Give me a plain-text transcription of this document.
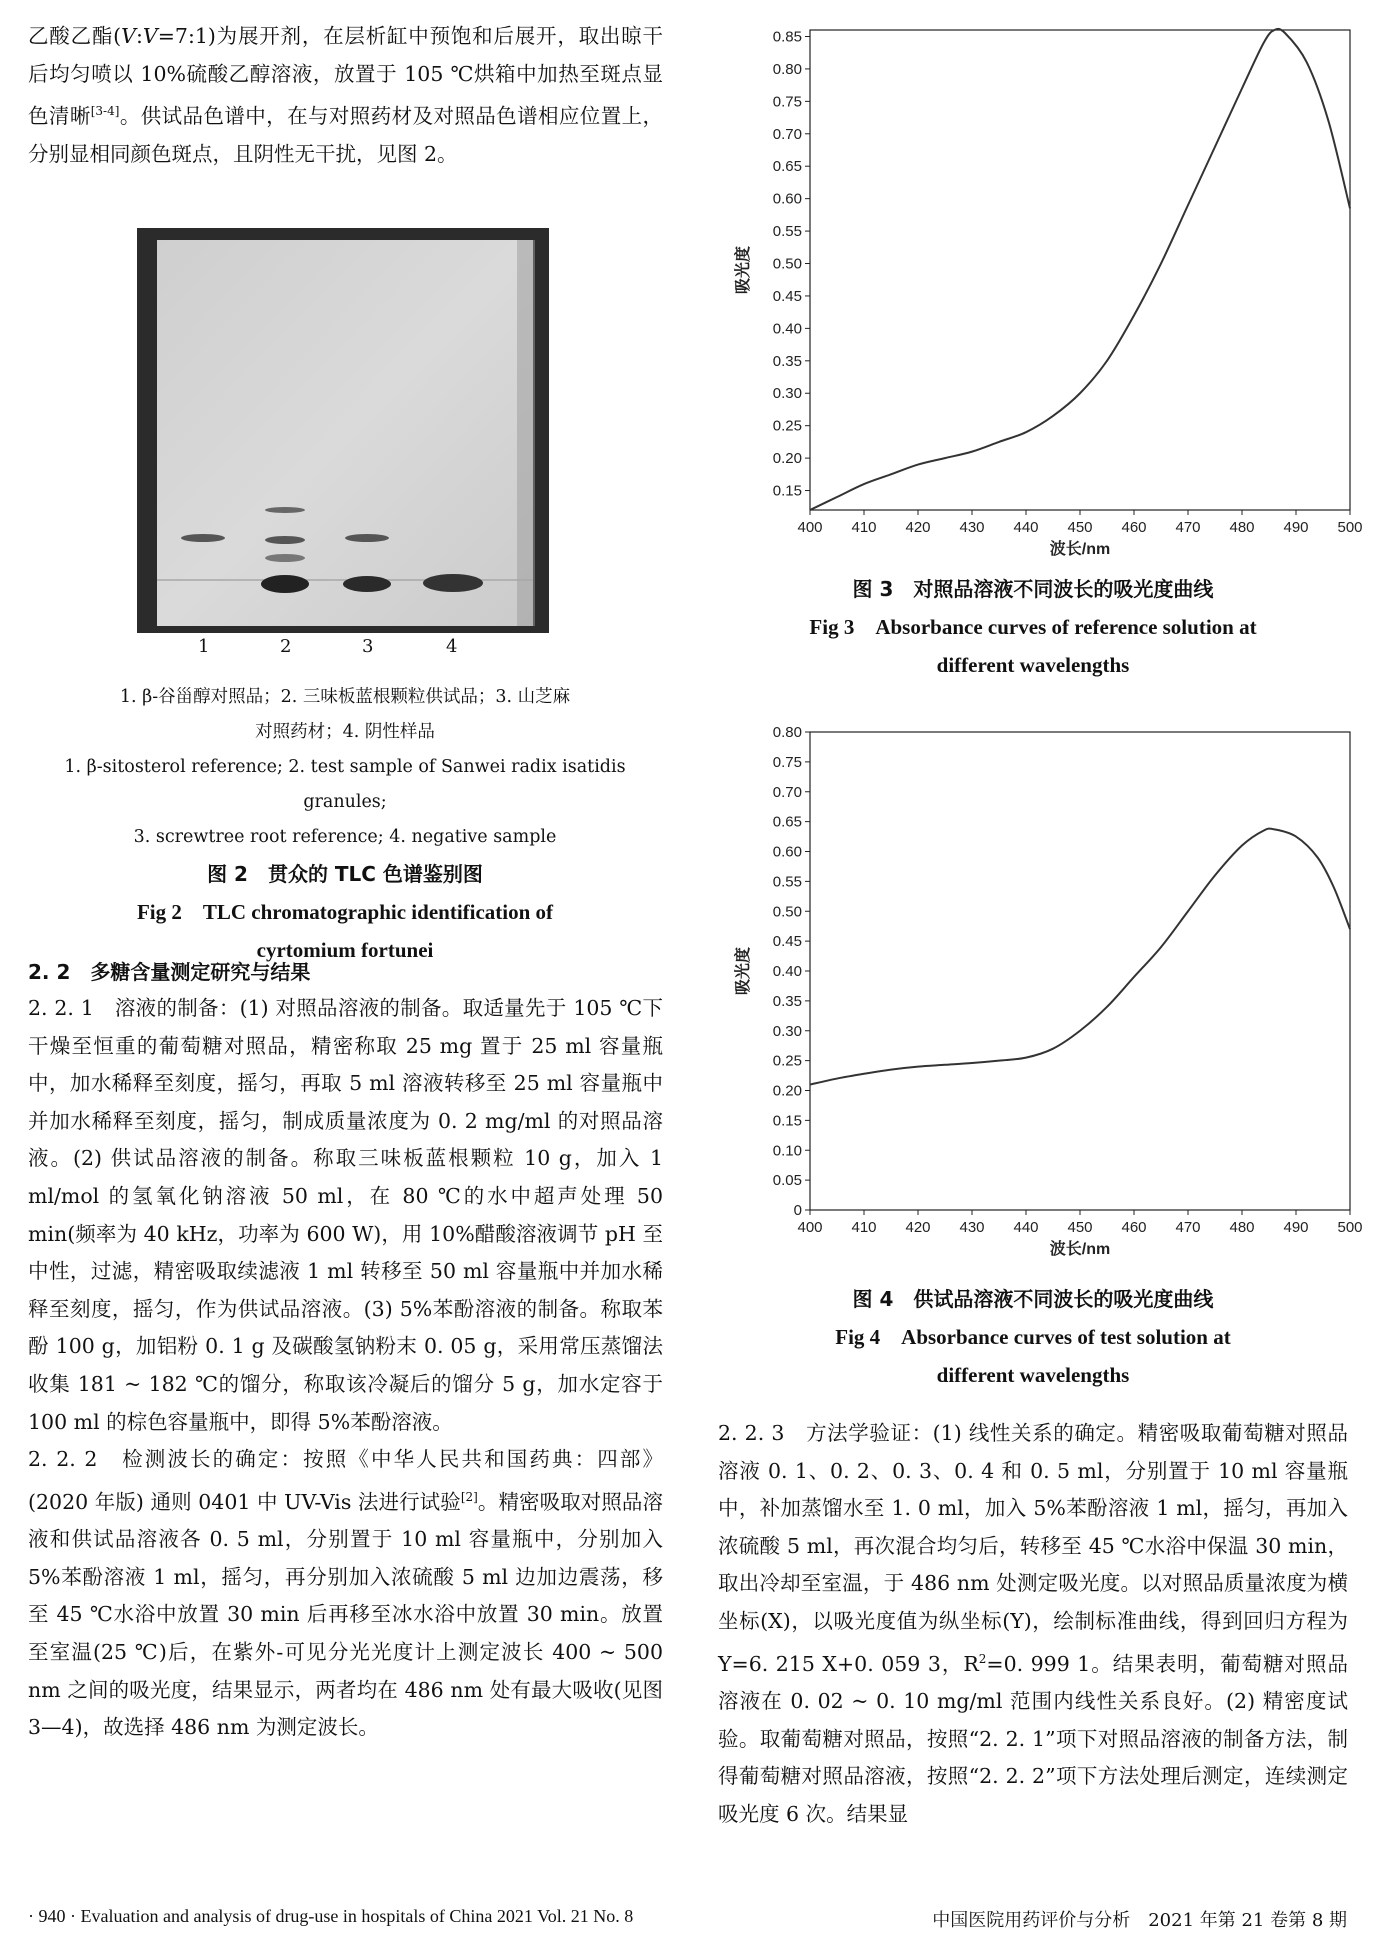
乙酸乙酯(V:V=7:1)为展开剂，在层析缸中预饱和后展开，取出晾干后均匀喷以 10%硫酸乙醇溶液，放置于 105 ℃烘箱中加热至斑点显色清晰[3-4]。供试品色谱中，在与对照药材及对照品色谱相应位置上，分别显相同颜色斑点，且阴性无干扰，见图 2。

1	2	3	4

1. β-谷甾醇对照品；2. 三味板蓝根颗粒供试品；3. 山芝麻

对照药材；4. 阴性样品

1. β-sitosterol reference; 2. test sample of Sanwei radix isatidis granules;

3. screwtree root reference; 4. negative sample

图 2　贯众的 TLC 色谱鉴别图

Fig 2　TLC chromatographic identification of

cyrtomium fortunei

2. 2　多糖含量测定研究与结果

2. 2. 1　溶液的制备：(1) 对照品溶液的制备。取适量先于 105 ℃下干燥至恒重的葡萄糖对照品，精密称取 25 mg 置于 25 ml 容量瓶中，加水稀释至刻度，摇匀，再取 5 ml 溶液转移至 25 ml 容量瓶中并加水稀释至刻度，摇匀，制成质量浓度为 0. 2 mg/ml 的对照品溶液。(2) 供试品溶液的制备。称取三味板蓝根颗粒 10 g，加入 1 ml/mol 的氢氧化钠溶液 50 ml，在 80 ℃的水中超声处理 50 min(频率为 40 kHz，功率为 600 W)，用 10%醋酸溶液调节 pH 至中性，过滤，精密吸取续滤液 1 ml 转移至 50 ml 容量瓶中并加水稀释至刻度，摇匀，作为供试品溶液。(3) 5%苯酚溶液的制备。称取苯酚 100 g，加铝粉 0. 1 g 及碳酸氢钠粉末 0. 05 g，采用常压蒸馏法收集 181 ~ 182 ℃的馏分，称取该冷凝后的馏分 5 g，加水定容于 100 ml 的棕色容量瓶中，即得 5%苯酚溶液。

2. 2. 2　检测波长的确定：按照《中华人民共和国药典：四部》(2020 年版) 通则 0401 中 UV-Vis 法进行试验[2]。精密吸取对照品溶液和供试品溶液各 0. 5 ml，分别置于 10 ml 容量瓶中，分别加入 5%苯酚溶液 1 ml，摇匀，再分别加入浓硫酸 5 ml 边加边震荡，移至 45 ℃水浴中放置 30 min 后再移至冰水浴中放置 30 min。放置至室温(25 ℃)后，在紫外-可见分光光度计上测定波长 400 ~ 500 nm 之间的吸光度，结果显示，两者均在 486 nm 处有最大吸收(见图 3—4)，故选择 486 nm 为测定波长。

0.15
0.20
0.25
0.30
0.35
0.40
0.45
0.50
0.55
0.60
0.65
0.70
0.75
0.80
0.85
400 410 420 430 440 450 460 470 480 490 500
波长/nm
吸光度

图 3　对照品溶液不同波长的吸光度曲线

Fig 3　Absorbance curves of reference solution at

different wavelengths

0
0.05
0.10
0.15
0.20
0.25
0.30
0.35
0.40
0.45
0.50
0.55
0.60
0.65
0.70
0.75
0.80
400 410 420 430 440 450 460 470 480 490 500
波长/nm
吸光度

图 4　供试品溶液不同波长的吸光度曲线

Fig 4　Absorbance curves of test solution at

different wavelengths

2. 2. 3　方法学验证：(1) 线性关系的确定。精密吸取葡萄糖对照品溶液 0. 1、0. 2、0. 3、0. 4 和 0. 5 ml，分别置于 10 ml 容量瓶中，补加蒸馏水至 1. 0 ml，加入 5%苯酚溶液 1 ml，摇匀，再加入浓硫酸 5 ml，再次混合均匀后，转移至 45 ℃水浴中保温 30 min，取出冷却至室温，于 486 nm 处测定吸光度。以对照品质量浓度为横坐标(X)，以吸光度值为纵坐标(Y)，绘制标准曲线，得到回归方程为 Y=6. 215 X+0. 059 3，$R^2=0$. 999 1。结果表明，葡萄糖对照品溶液在 0. 02 ~ 0. 10 mg/ml 范围内线性关系良好。(2) 精密度试验。取葡萄糖对照品，按照“2. 2. 1”项下对照品溶液的制备方法，制得葡萄糖对照品溶液，按照“2. 2. 2”项下方法处理后测定，连续测定吸光度 6 次。结果显

· 940 · Evaluation and analysis of drug-use in hospitals of China 2021 Vol. 21 No. 8	中国医院用药评价与分析　2021 年第 21 卷第 8 期
